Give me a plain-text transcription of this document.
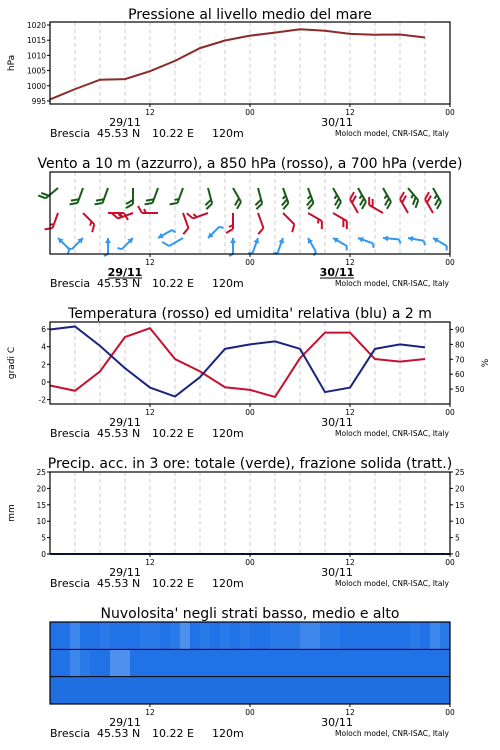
Pressione al livello medio del mare
995
1000
1005
1010
1015
1020
hPa
12	00	12	00
29/11	30/11
Brescia 45.53 N 10.22 E 120m	Moloch model, CNR-ISAC, Italy
Vento a 10 m (azzurro), a 850 hPa (rosso), a 700 hPa (verde)
12	00	12	00
29/11	30/11
Brescia 45.53 N 10.22 E 120m	Moloch model, CNR-ISAC, Italy
Temperatura (rosso) ed umidita' relativa (blu) a 2 m
-2
0
2
4
6
50
60
70
80
90
gradi C	%
12	00	12	00
29/11	30/11
Brescia 45.53 N 10.22 E 120m	Moloch model, CNR-ISAC, Italy
Precip. acc. in 3 ore: totale (verde), frazione solida (tratt.)
0
5
10
15
20
25
0
5
10
15
20
25
mm
12	00	12	00
29/11	30/11
Brescia 45.53 N 10.22 E 120m	Moloch model, CNR-ISAC, Italy
Nuvolosita' negli strati basso, medio e alto
12	00	12	00
29/11	30/11
Brescia 45.53 N 10.22 E 120m	Moloch model, CNR-ISAC, Italy
